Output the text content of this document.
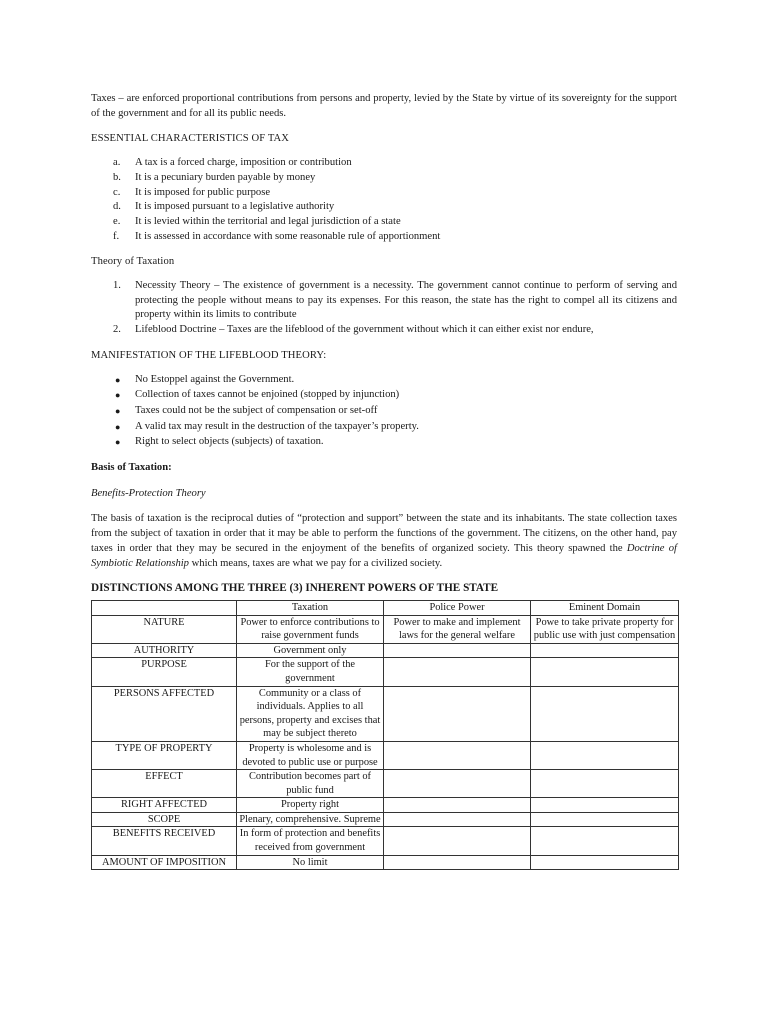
Taxes – are enforced proportional contributions from persons and property, levied by the State by virtue of its sovereignty for the support of the government and for all its public needs.

ESSENTIAL CHARACTERISTICS OF TAX

a. A tax is a forced charge, imposition or contribution
b. It is a pecuniary burden payable by money
c. It is imposed for public purpose
d. It is imposed pursuant to a legislative authority
e. It is levied within the territorial and legal jurisdiction of a state
f. It is assessed in accordance with some reasonable rule of apportionment

Theory of Taxation

1. Necessity Theory – The existence of government is a necessity. The government cannot continue to perform of serving and protecting the people without means to pay its expenses. For this reason, the state has the right to compel all its citizens and property within its limits to contribute
2. Lifeblood Doctrine – Taxes are the lifeblood of the government without which it can either exist nor endure,

MANIFESTATION OF THE LIFEBLOOD THEORY:

● No Estoppel against the Government.
● Collection of taxes cannot be enjoined (stopped by injunction)
● Taxes could not be the subject of compensation or set-off
● A valid tax may result in the destruction of the taxpayer’s property.
● Right to select objects (subjects) of taxation.

Basis of Taxation:

Benefits-Protection Theory

The basis of taxation is the reciprocal duties of “protection and support” between the state and its inhabitants. The state collection taxes from the subject of taxation in order that it may be able to perform the functions of the government. The citizens, on the other hand, pay taxes in order that they may be secured in the enjoyment of the benefits of organized society. This theory spawned the Doctrine of Symbiotic Relationship which means, taxes are what we pay for a civilized society.

DISTINCTIONS AMONG THE THREE (3) INHERENT POWERS OF THE STATE

	Taxation	Police Power	Eminent Domain
NATURE	Power to enforce contributions to raise government funds	Power to make and implement laws for the general welfare	Powe to take private property for public use with just compensation
AUTHORITY	Government only		
PURPOSE	For the support of the government		
PERSONS AFFECTED	Community or a class of individuals. Applies to all persons, property and excises that may be subject thereto		
TYPE OF PROPERTY	Property is wholesome and is devoted to public use or purpose		
EFFECT	Contribution becomes part of public fund		
RIGHT AFFECTED	Property right		
SCOPE	Plenary, comprehensive. Supreme		
BENEFITS RECEIVED	In form of protection and benefits received from government		
AMOUNT OF IMPOSITION	No limit		
